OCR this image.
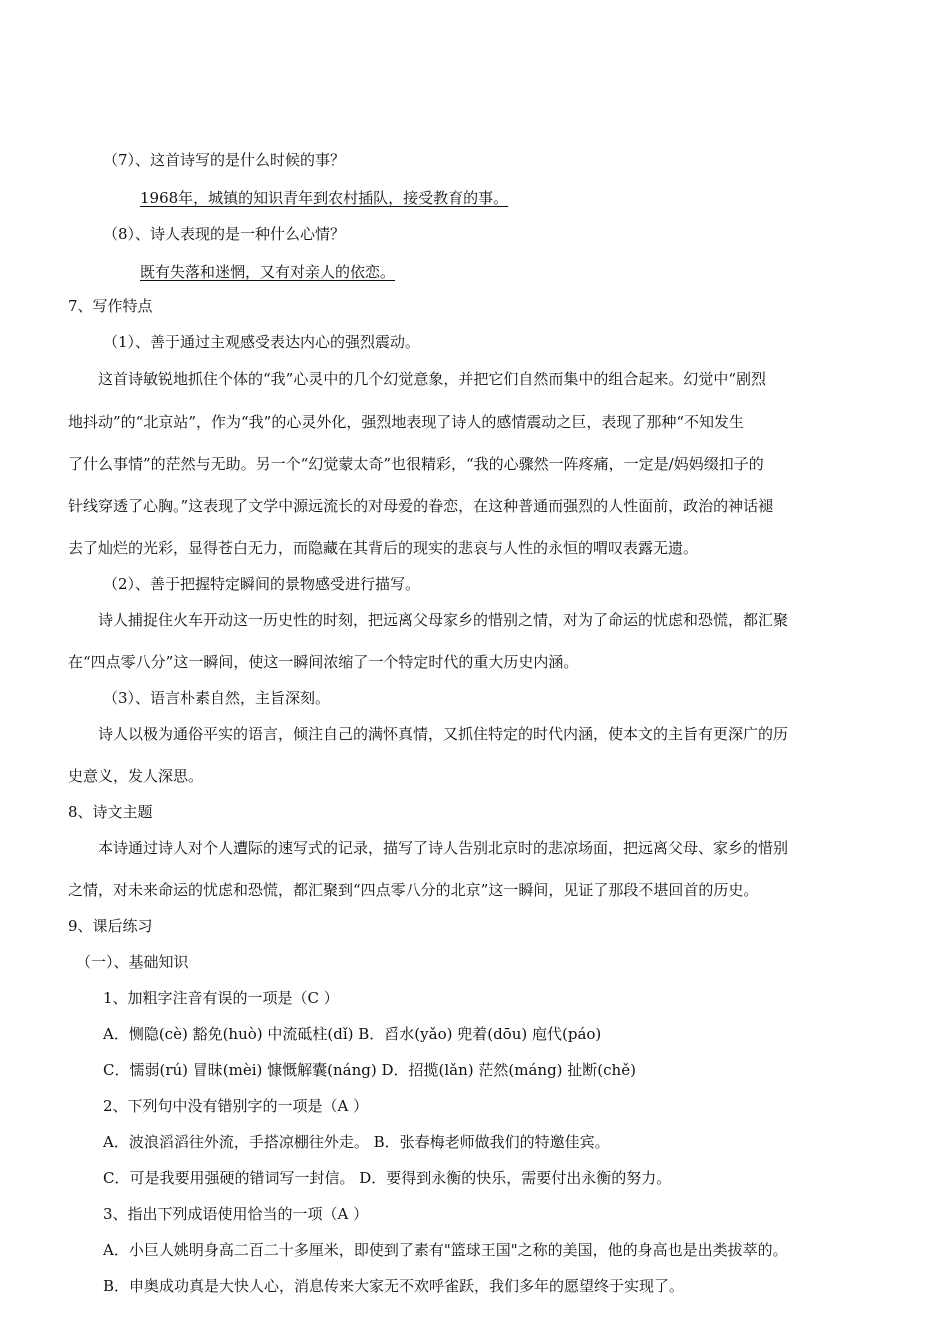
（7）、这首诗写的是什么时候的事？
1968年，城镇的知识青年到农村插队，接受教育的事。
（8）、诗人表现的是一种什么心情？
既有失落和迷惘，又有对亲人的依恋。
7、写作特点
（1）、善于通过主观感受表达内心的强烈震动。
这首诗敏锐地抓住个体的“我”心灵中的几个幻觉意象，并把它们自然而集中的组合起来。幻觉中“剧烈
地抖动”的“北京站”，作为“我”的心灵外化，强烈地表现了诗人的感情震动之巨，表现了那种“不知发生
了什么事情”的茫然与无助。另一个“幻觉蒙太奇”也很精彩，“我的心骤然一阵疼痛，一定是/妈妈缀扣子的
针线穿透了心胸。”这表现了文学中源远流长的对母爱的眷恋，在这种普通而强烈的人性面前，政治的神话褪
去了灿烂的光彩，显得苍白无力，而隐藏在其背后的现实的悲哀与人性的永恒的喟叹表露无遗。
（2）、善于把握特定瞬间的景物感受进行描写。
诗人捕捉住火车开动这一历史性的时刻，把远离父母家乡的惜别之情，对为了命运的忧虑和恐慌，都汇聚
在“四点零八分”这一瞬间，使这一瞬间浓缩了一个特定时代的重大历史内涵。
（3）、语言朴素自然，主旨深刻。
诗人以极为通俗平实的语言，倾注自己的满怀真情，又抓住特定的时代内涵，使本文的主旨有更深广的历
史意义，发人深思。
8、诗文主题
本诗通过诗人对个人遭际的速写式的记录，描写了诗人告别北京时的悲凉场面，把远离父母、家乡的惜别
之情，对未来命运的忧虑和恐慌，都汇聚到“四点零八分的北京”这一瞬间，见证了那段不堪回首的历史。
9、课后练习
（一）、基础知识
1、加粗字注音有误的一项是（C ）
A．恻隐(cè) 豁免(huò) 中流砥柱(dǐ) B．舀水(yǎo) 兜着(dōu) 庖代(páo)
C．懦弱(rú) 冒昧(mèi) 慷慨解囊(náng) D．招揽(lǎn) 茫然(máng) 扯断(chě)
2、下列句中没有错别字的一项是（A ）
A．波浪滔滔往外流，手搭凉棚往外走。 B．张春梅老师做我们的特邀佳宾。
C．可是我要用强硬的错词写一封信。 D．要得到永衡的快乐，需要付出永衡的努力。
3、指出下列成语使用恰当的一项（A ）
A．小巨人姚明身高二百二十多厘米，即使到了素有"篮球王国"之称的美国，他的身高也是出类拔萃的。
B．申奥成功真是大快人心，消息传来大家无不欢呼雀跃，我们多年的愿望终于实现了。
